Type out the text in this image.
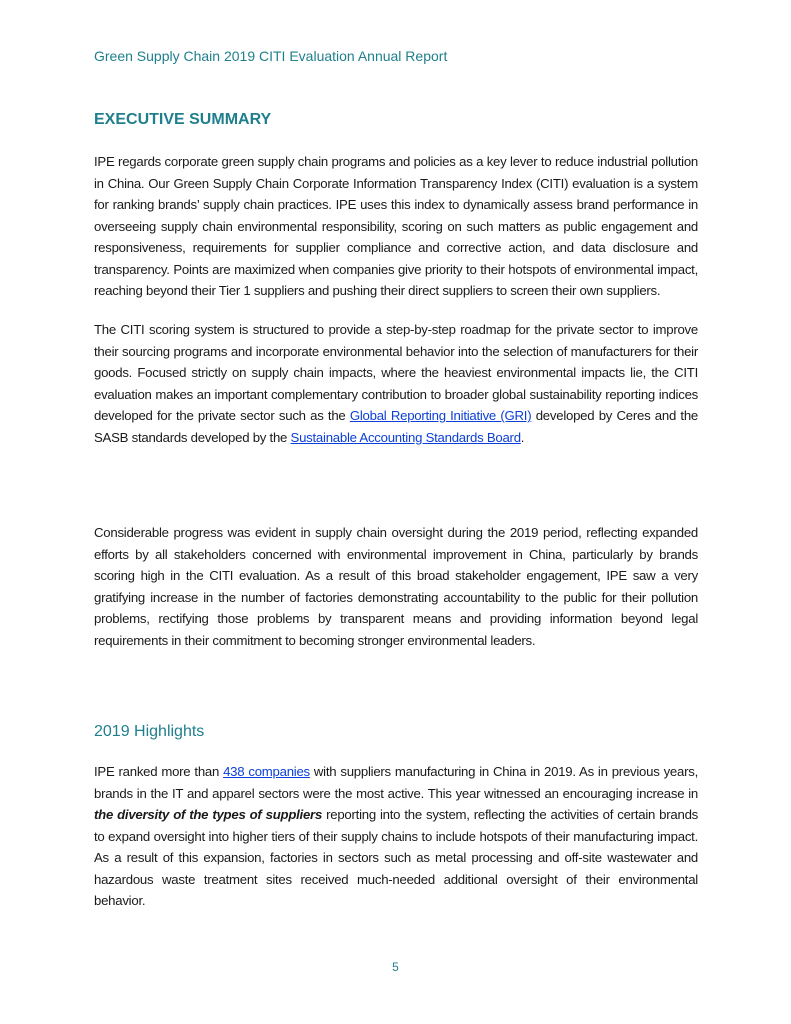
Green Supply Chain 2019 CITI Evaluation Annual Report
EXECUTIVE SUMMARY

IPE regards corporate green supply chain programs and policies as a key lever to reduce industrial pollution in China. Our Green Supply Chain Corporate Information Transparency Index (CITI) evaluation is a system for ranking brands’ supply chain practices. IPE uses this index to dynamically assess brand performance in overseeing supply chain environmental responsibility, scoring on such matters as public engagement and responsiveness, requirements for supplier compliance and corrective action, and data disclosure and transparency. Points are maximized when companies give priority to their hotspots of environmental impact, reaching beyond their Tier 1 suppliers and pushing their direct suppliers to screen their own suppliers.

The CITI scoring system is structured to provide a step-by-step roadmap for the private sector to improve their sourcing programs and incorporate environmental behavior into the selection of manufacturers for their goods. Focused strictly on supply chain impacts, where the heaviest environmental impacts lie, the CITI evaluation makes an important complementary contribution to broader global sustainability reporting indices developed for the private sector such as the Global Reporting Initiative (GRI) developed by Ceres and the SASB standards developed by the Sustainable Accounting Standards Board.

Considerable progress was evident in supply chain oversight during the 2019 period, reflecting expanded efforts by all stakeholders concerned with environmental improvement in China, particularly by brands scoring high in the CITI evaluation. As a result of this broad stakeholder engagement, IPE saw a very gratifying increase in the number of factories demonstrating accountability to the public for their pollution problems, rectifying those problems by transparent means and providing information beyond legal requirements in their commitment to becoming stronger environmental leaders.

2019 Highlights

IPE ranked more than 438 companies with suppliers manufacturing in China in 2019. As in previous years, brands in the IT and apparel sectors were the most active. This year witnessed an encouraging increase in the diversity of the types of suppliers reporting into the system, reflecting the activities of certain brands to expand oversight into higher tiers of their supply chains to include hotspots of their manufacturing impact. As a result of this expansion, factories in sectors such as metal processing and off-site wastewater and hazardous waste treatment sites received much-needed additional oversight of their environmental behavior.

5
